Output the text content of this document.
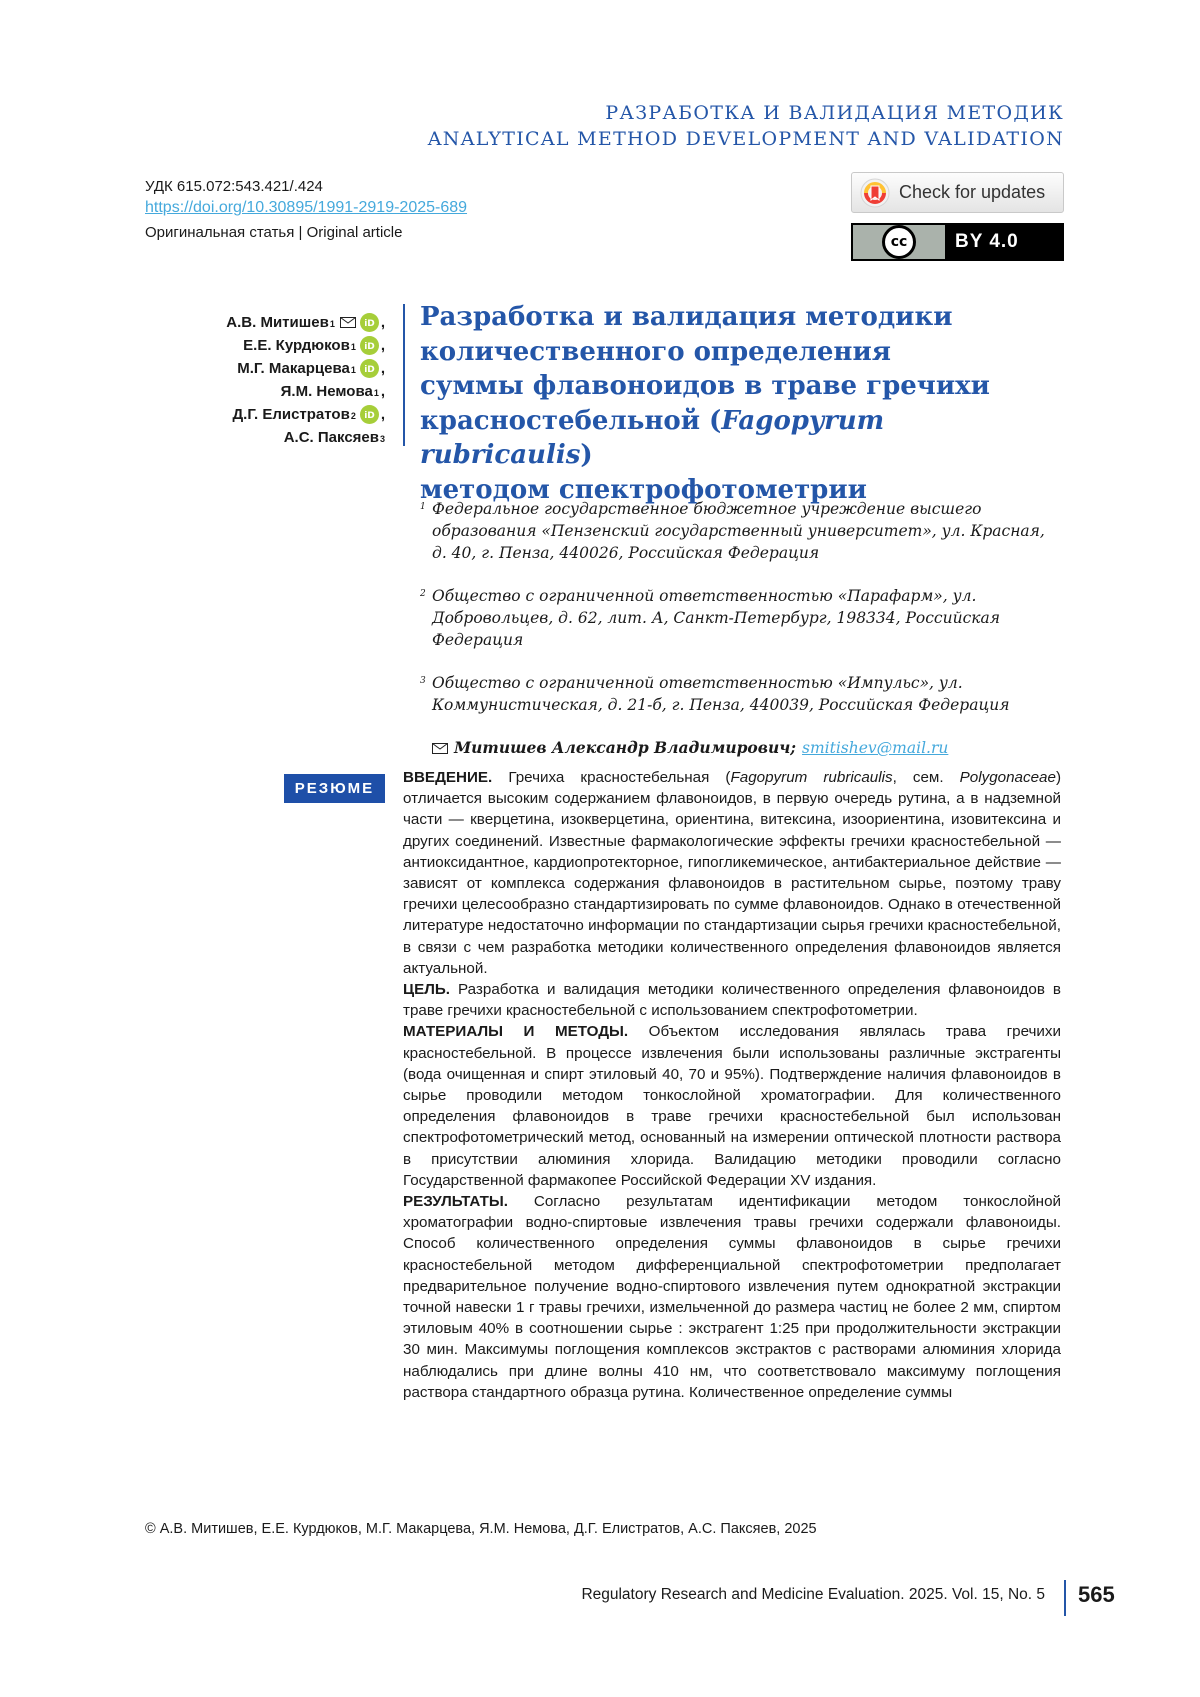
РАЗРАБОТКА И ВАЛИДАЦИЯ МЕТОДИК
ANALYTICAL METHOD DEVELOPMENT AND VALIDATION
УДК 615.072:543.421/.424
https://doi.org/10.30895/1991-2919-2025-689
Оригинальная статья | Original article
Check for updates
cc	BY 4.0
А.В. Митишев 1	iD ,
Е.Е. Курдюков 1 iD ,
М.Г. Макарцева 1 iD ,
Я.М. Немова 1 ,
Д.Г. Елистратов 2 iD ,
А.С. Паксяев 3
Разработка и валидация методики
количественного определения
суммы флавоноидов в траве гречихи
красностебельной (Fagopyrum rubricaulis)
методом спектрофотометрии
1 Федеральное государственное бюджетное учреждение высшего образования «Пензенский государственный университет», ул. Красная, д. 40, г. Пенза, 440026, Российская Федерация
2 Общество с ограниченной ответственностью «Парафарм», ул. Добровольцев, д. 62, лит. А, Санкт-Петербург, 198334, Российская Федерация
3 Общество с ограниченной ответственностью «Импульс», ул. Коммунистическая, д. 21-б, г. Пенза, 440039, Российская Федерация
Митишев Александр Владимирович; smitishev@mail.ru
РЕЗЮМЕ

ВВЕДЕНИЕ. Гречиха красностебельная (Fagopyrum rubricaulis, сем. Polygonaceae) отличается высоким содержанием флавоноидов, в первую очередь рутина, а в надземной части — кверцетина, изокверцетина, ориентина, витексина, изоориентина, изовитексина и других соединений. Известные фармакологические эффекты гречихи красностебельной — антиоксидантное, кардиопротекторное, гипогликемическое, антибактериальное действие — зависят от комплекса содержания флавоноидов в растительном сырье, поэтому траву гречихи целесообразно стандартизировать по сумме флавоноидов. Однако в отечественной литературе недостаточно информации по стандартизации сырья гречихи красностебельной, в связи с чем разработка методики количественного определения флавоноидов является актуальной.

ЦЕЛЬ. Разработка и валидация методики количественного определения флавоноидов в траве гречихи красностебельной с использованием спектрофотометрии.

МАТЕРИАЛЫ И МЕТОДЫ. Объектом исследования являлась трава гречихи красностебельной. В процессе извлечения были использованы различные экстрагенты (вода очищенная и спирт этиловый 40, 70 и 95%). Подтверждение наличия флавоноидов в сырье проводили методом тонкослойной хроматографии. Для количественного определения флавоноидов в траве гречихи красностебельной был использован спектрофотометрический метод, основанный на измерении оптической плотности раствора в присутствии алюминия хлорида. Валидацию методики проводили согласно Государственной фармакопее Российской Федерации XV издания.

РЕЗУЛЬТАТЫ. Согласно результатам идентификации методом тонкослойной хроматографии водно-спиртовые извлечения травы гречихи содержали флавоноиды. Способ количественного определения суммы флавоноидов в сырье гречихи красностебельной методом дифференциальной спектрофотометрии предполагает предварительное получение водно-спиртового извлечения путем однократной экстракции точной навески 1 г травы гречихи, измельченной до размера частиц не более 2 мм, спиртом этиловым 40% в соотношении сырье : экстрагент 1:25 при продолжительности экстракции 30 мин. Максимумы поглощения комплексов экстрактов с растворами алюминия хлорида наблюдались при длине волны 410 нм, что соответствовало максимуму поглощения раствора стандартного образца рутина. Количественное определение суммы

© А.В. Митишев, Е.Е. Курдюков, М.Г. Макарцева, Я.М. Немова, Д.Г. Елистратов, А.С. Паксяев, 2025
Regulatory Research and Medicine Evaluation. 2025. Vol. 15, No. 5 565
